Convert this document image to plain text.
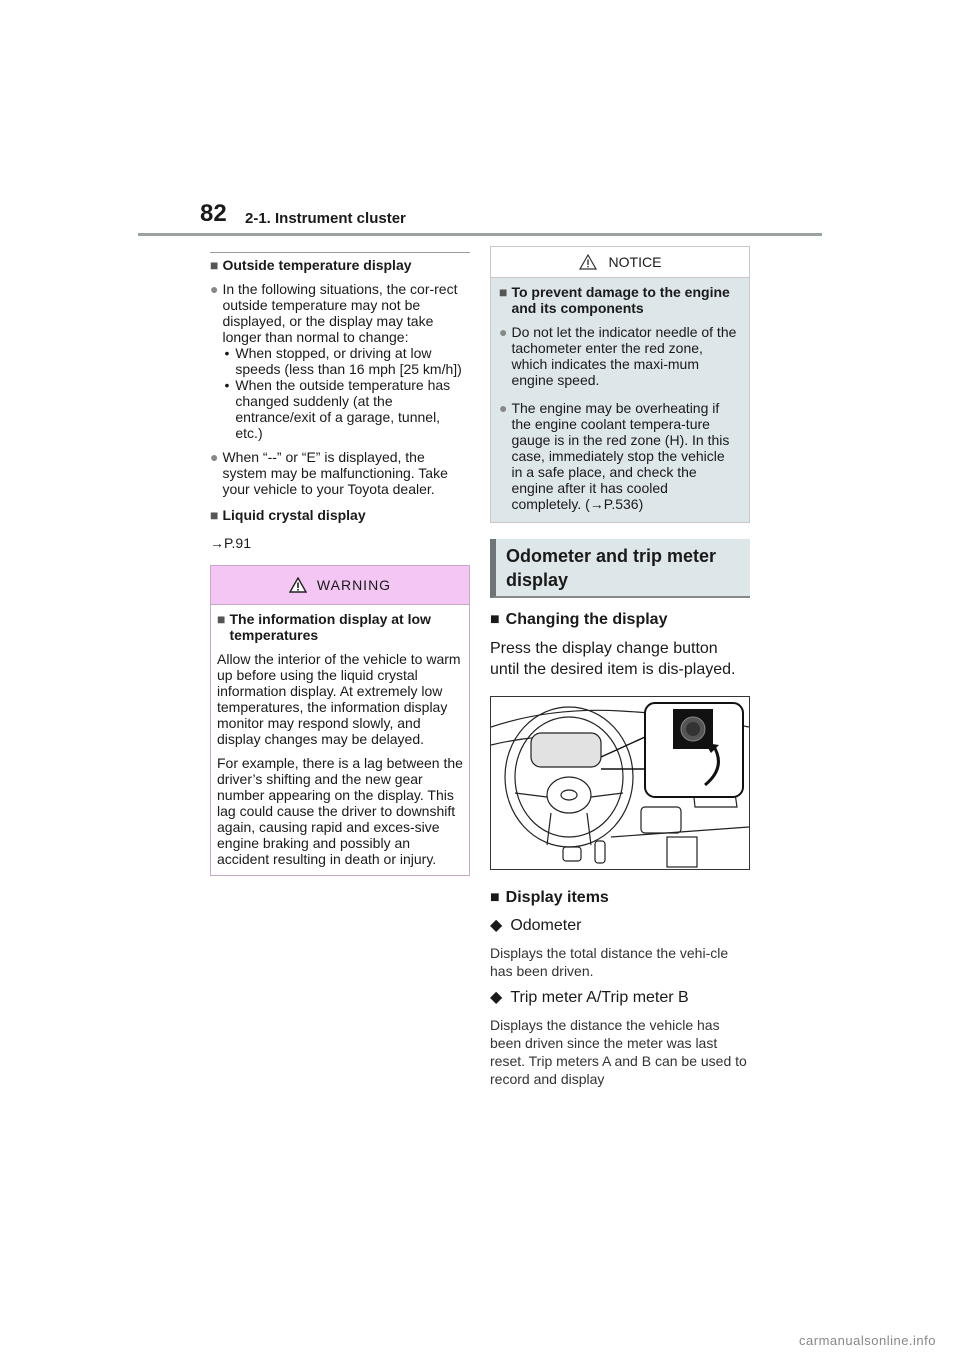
82 2-1. Instrument cluster
■ Outside temperature display
● In the following situations, the cor-rect outside temperature may not be displayed, or the display may take longer than normal to change:
• When stopped, or driving at low speeds (less than 16 mph [25 km/h])
• When the outside temperature has changed suddenly (at the entrance/exit of a garage, tunnel, etc.)
● When “--” or “E” is displayed, the system may be malfunctioning. Take your vehicle to your Toyota dealer.
■ Liquid crystal display
→P.91
WARNING
■ The information display at low temperatures
Allow the interior of the vehicle to warm up before using the liquid crystal information display. At extremely low temperatures, the information display monitor may respond slowly, and display changes may be delayed.
For example, there is a lag between the driver’s shifting and the new gear number appearing on the display. This lag could cause the driver to downshift again, causing rapid and exces-sive engine braking and possibly an accident resulting in death or injury.
NOTICE
■ To prevent damage to the engine and its components
● Do not let the indicator needle of the tachometer enter the red zone, which indicates the maxi-mum engine speed.
● The engine may be overheating if the engine coolant tempera-ture gauge is in the red zone (H). In this case, immediately stop the vehicle in a safe place, and check the engine after it has cooled completely. (→P.536)
Odometer and trip meter display
■ Changing the display
Press the display change button until the desired item is dis-played.
■ Display items
◆ Odometer
Displays the total distance the vehi-cle has been driven.
◆ Trip meter A/Trip meter B
Displays the distance the vehicle has been driven since the meter was last reset. Trip meters A and B can be used to record and display
carmanualsonline.info
